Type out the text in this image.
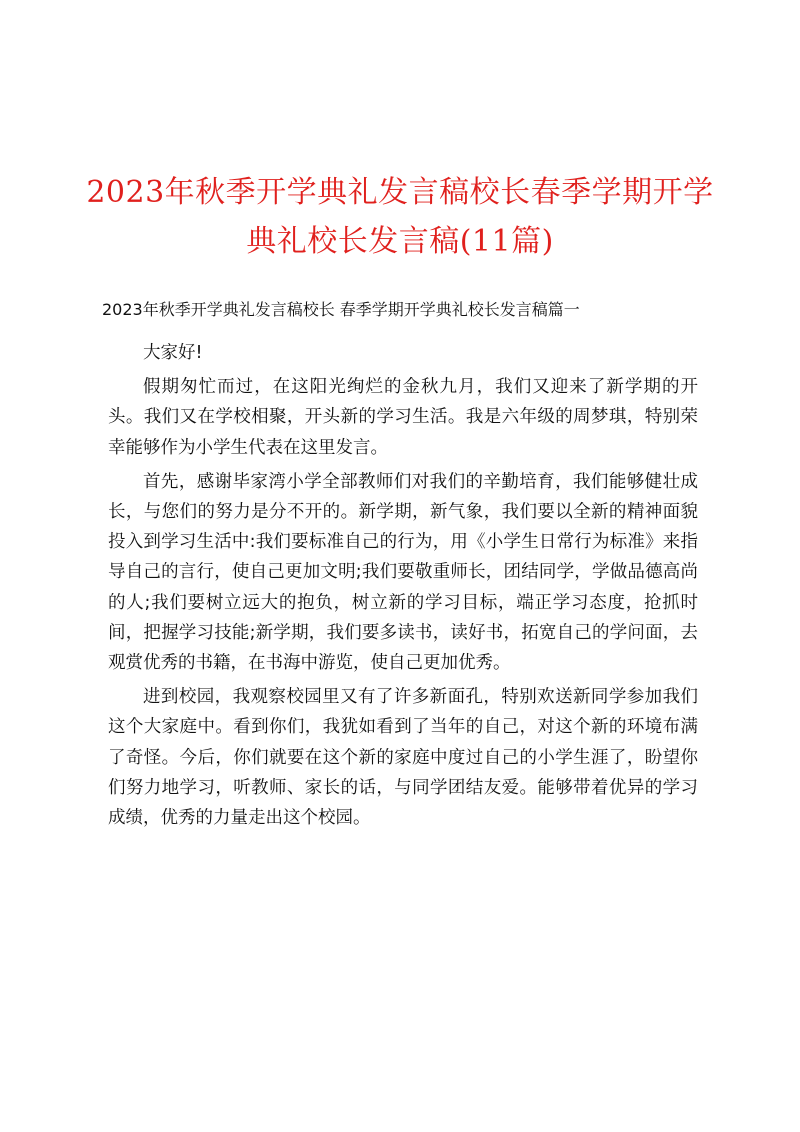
2023年秋季开学典礼发言稿校长春季学期开学典礼校长发言稿(11篇)
2023年秋季开学典礼发言稿校长 春季学期开学典礼校长发言稿篇一

大家好!

假期匆忙而过，在这阳光绚烂的金秋九月，我们又迎来了新学期的开头。我们又在学校相聚，开头新的学习生活。我是六年级的周梦琪，特别荣幸能够作为小学生代表在这里发言。

首先，感谢毕家湾小学全部教师们对我们的辛勤培育，我们能够健壮成长，与您们的努力是分不开的。新学期，新气象，我们要以全新的精神面貌投入到学习生活中:我们要标准自己的行为，用《小学生日常行为标准》来指导自己的言行，使自己更加文明;我们要敬重师长，团结同学，学做品德高尚的人;我们要树立远大的抱负，树立新的学习目标，端正学习态度，抢抓时间，把握学习技能;新学期，我们要多读书，读好书，拓宽自己的学问面，去观赏优秀的书籍，在书海中游览，使自己更加优秀。

进到校园，我观察校园里又有了许多新面孔，特别欢送新同学参加我们这个大家庭中。看到你们，我犹如看到了当年的自己，对这个新的环境布满了奇怪。今后，你们就要在这个新的家庭中度过自己的小学生涯了，盼望你们努力地学习，听教师、家长的话，与同学团结友爱。能够带着优异的学习成绩，优秀的力量走出这个校园。
